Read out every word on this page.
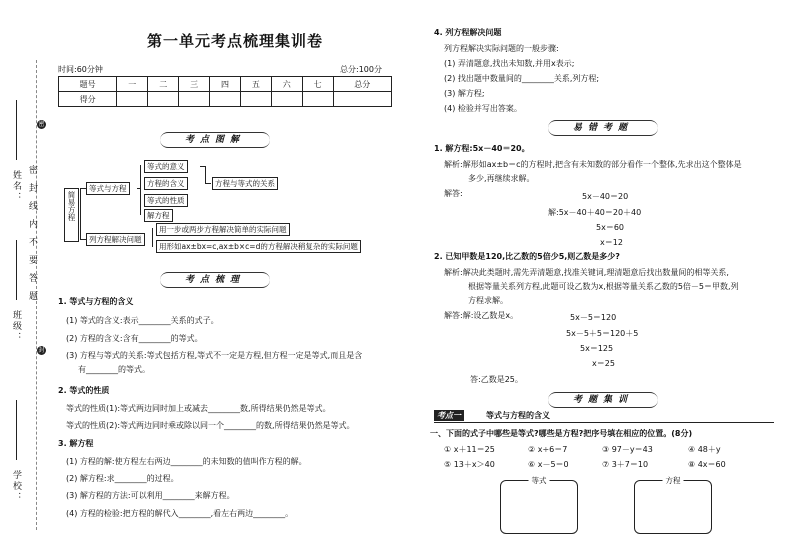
姓名：
班级：
学校：
密封线内不要答题
密
封
第一单元考点梳理集训卷
时间:60分钟	总分:100分
题号	一	二	三	四	五	六	七	总分
得分								
考点图解
简易方程
等式与方程
等式的意义
方程的含义
等式的性质
解方程
方程与等式的关系
列方程解决问题
用一步或两步方程解决简单的实际问题
用形如ax±bx=c,ax±b×c=d的方程解决稍复杂的实际问题
考点梳理
1. 等式与方程的含义
(1) 等式的含义:表示________关系的式子。
(2) 方程的含义:含有________的等式。
(3) 方程与等式的关系:等式包括方程,等式不一定是方程,但方程一定是等式,而且是含
有________的等式。
2. 等式的性质
等式的性质(1):等式两边同时加上或减去________数,所得结果仍然是等式。
等式的性质(2):等式两边同时乘或除以同一个________的数,所得结果仍然是等式。
3. 解方程
(1) 方程的解:使方程左右两边________的未知数的值叫作方程的解。
(2) 解方程:求________的过程。
(3) 解方程的方法:可以利用________来解方程。
(4) 方程的检验:把方程的解代入________,看左右两边________。
4. 列方程解决问题
列方程解决实际问题的一般步骤:
(1) 弄清题意,找出未知数,并用x表示;
(2) 找出题中数量间的________关系,列方程;
(3) 解方程;
(4) 检验并写出答案。
易错考题
1. 解方程:5x－40＝20。
解析:解形如ax±b＝c的方程时,把含有未知数的部分看作一个整体,先求出这个整体是
多少,再继续求解。
解答:	5x－40＝20
解:5x－40＋40＝20＋40
5x＝60
x＝12
2. 已知甲数是120,比乙数的5倍少5,则乙数是多少?
解析:解决此类题时,需先弄清题意,找准关键词,理清题意后找出数量间的相等关系,
根据等量关系列方程,此题可设乙数为x,根据等量关系乙数的5倍－5＝甲数,列
方程求解。
解答:解:设乙数是x。	5x－5＝120
5x－5＋5＝120＋5
5x＝125
x＝25
答:乙数是25。
考题集训
考点一	等式与方程的含义
一、下面的式子中哪些是等式?哪些是方程?把序号填在相应的位置。(8分)
① x＋11＝25	② x÷6＝7	③ 97－y＝43	④ 48＋y
⑤ 13＋x＞40	⑥ x－5＝0	⑦ 3＋7＝10	⑧ 4x＝60
等式	方程
